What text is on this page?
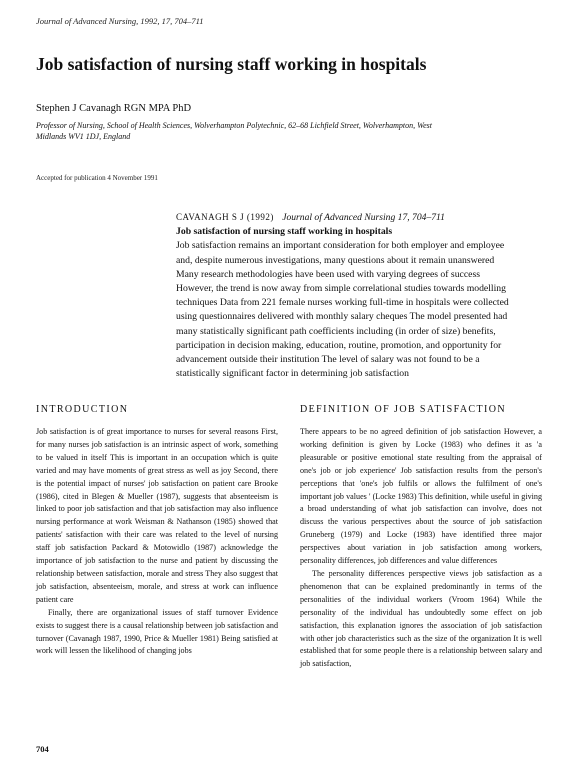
Journal of Advanced Nursing, 1992, 17, 704–711
Job satisfaction of nursing staff working in hospitals
Stephen J Cavanagh RGN MPA PhD
Professor of Nursing, School of Health Sciences, Wolverhampton Polytechnic, 62–68 Lichfield Street, Wolverhampton, West Midlands WV1 1DJ, England
Accepted for publication 4 November 1991

CAVANAGH S J (1992) Journal of Advanced Nursing 17, 704–711

Job satisfaction of nursing staff working in hospitals

Job satisfaction remains an important consideration for both employer and employee and, despite numerous investigations, many questions about it remain unanswered Many research methodologies have been used with varying degrees of success However, the trend is now away from simple correlational studies towards modelling techniques Data from 221 female nurses working full-time in hospitals were collected using questionnaires delivered with monthly salary cheques The model presented had many statistically significant path coefficients including (in order of size) benefits, participation in decision making, education, routine, promotion, and opportunity for advancement outside their institution The level of salary was not found to be a statistically significant factor in determining job satisfaction

INTRODUCTION	DEFINITION OF JOB SATISFACTION

Job satisfaction is of great importance to nurses for several reasons First, for many nurses job satisfaction is an intrinsic aspect of work, something to be valued in itself This is important in an occupation which is quite varied and may have moments of great stress as well as joy Second, there is the potential impact of nurses' job satisfaction on patient care Brooke (1986), cited in Blegen & Mueller (1987), suggests that absenteeism is linked to poor job satisfaction and that job satisfaction may also influence nursing performance at work Weisman & Nathanson (1985) showed that patients' satisfaction with their care was related to the level of nursing staff job satisfaction Packard & Motowidlo (1987) acknowledge the importance of job satisfaction to the nurse and patient by discussing the relationship between satisfaction, morale and stress They also suggest that job satisfaction, absenteeism, morale, and stress at work can influence patient care

Finally, there are organizational issues of staff turnover Evidence exists to suggest there is a causal relationship between job satisfaction and turnover (Cavanagh 1987, 1990, Price & Mueller 1981) Being satisfied at work will lessen the likelihood of changing jobs

There appears to be no agreed definition of job satisfaction However, a working definition is given by Locke (1983) who defines it as 'a pleasurable or positive emotional state resulting from the appraisal of one's job or job experience' Job satisfaction results from the person's perceptions that 'one's job fulfils or allows the fulfilment of one's important job values ' (Locke 1983) This definition, while useful in giving a broad understanding of what job satisfaction can involve, does not discuss the various perspectives about the source of job satisfaction Gruneberg (1979) and Locke (1983) have identified three major perspectives about variation in job satisfaction among workers, personality differences, job differences and value differences

The personality differences perspective views job satisfaction as a phenomenon that can be explained predominantly in terms of the personalities of the individual workers (Vroom 1964) While the personality of the individual has undoubtedly some effect on job satisfaction, this explanation ignores the association of job satisfaction with other job characteristics such as the size of the organization It is well established that for some people there is a relationship between salary and job satisfaction,

704
